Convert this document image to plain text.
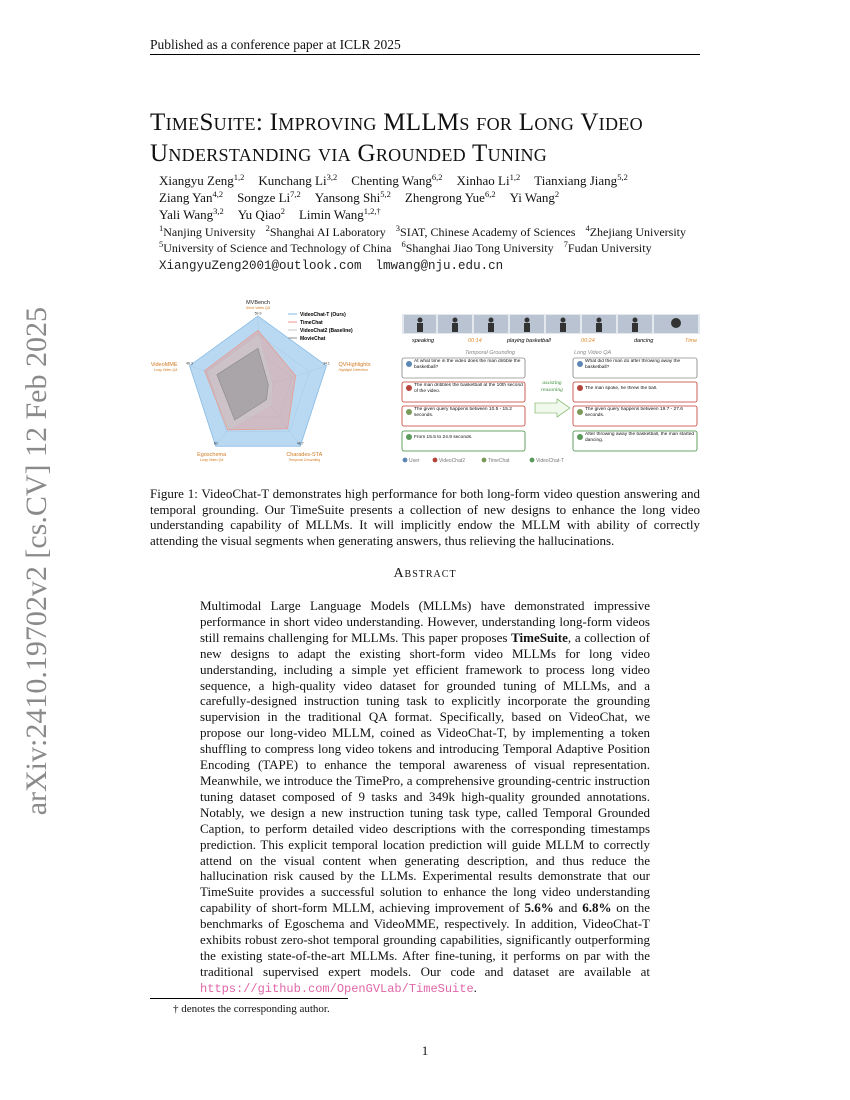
Published as a conference paper at ICLR 2025
arXiv:2410.19702v2 [cs.CV] 12 Feb 2025
TimeSuite: Improving MLLMs for Long Video
Understanding via Grounded Tuning
Xiangyu Zeng$^{1,2}$ Kunchang Li$^{3,2}$ Chenting Wang$^{6,2}$ Xinhao Li$^{1,2}$ Tianxiang Jiang$^{5,2}$
Ziang Yan$^{4,2}$ Songze Li$^{7,2}$ Yansong Shi$^{5,2}$ Zhengrong Yue$^{6,2}$ Yi Wang$^2$
Yali Wang$^{3,2}$ Yu Qiao$^2$ Limin Wang$^{1,2,\dagger}$
$^1$Nanjing University $^2$Shanghai AI Laboratory $^3$SIAT, Chinese Academy of Sciences $^4$Zhejiang University
$^5$University of Science and Technology of China $^6$Shanghai Jiao Tong University $^7$Fudan University
XiangyuZeng2001@outlook.com lmwang@nju.edu.cn
MVBench
Short Video QA
59.9
QVHighlights
Highlight Detection
34.1
Charades-STA
Temporal Grounding
48.7
Egoschema
Long Video QA
60
VideoMME
Long Video QA
46.3
VideoChat-T (Ours)
TimeChat
VideoChat2 (Baseline)
MovieChat	speaking	00:14	playing basketball	00:24	dancing	Time
Temporal Grounding	Long Video QA
At what time in the video does the man dribble the basketball?
The man dribbles the basketball at the 10th second of the video.
The given query happens between 10.5 - 15.2 seconds.
From 15.5 to 24.9 seconds.
assisting reasoning
What did the man do after throwing away the basketball?
The man spoke, he threw the ball.
The given query happens between 19.7 - 27.6 seconds.
After throwing away the basketball, the man started dancing.
User	VideoChat2	TimeChat	VideoChat-T
Figure 1: VideoChat-T demonstrates high performance for both long-form video question answering and temporal grounding. Our TimeSuite presents a collection of new designs to enhance the long video understanding capability of MLLMs. It will implicitly endow the MLLM with ability of correctly attending the visual segments when generating answers, thus relieving the hallucinations.
Abstract
Multimodal Large Language Models (MLLMs) have demonstrated impressive performance in short video understanding. However, understanding long-form videos still remains challenging for MLLMs. This paper proposes TimeSuite, a collection of new designs to adapt the existing short-form video MLLMs for long video understanding, including a simple yet efficient framework to process long video sequence, a high-quality video dataset for grounded tuning of MLLMs, and a carefully-designed instruction tuning task to explicitly incorporate the grounding supervision in the traditional QA format. Specifically, based on VideoChat, we propose our long-video MLLM, coined as VideoChat-T, by implementing a token shuffling to compress long video tokens and introducing Temporal Adaptive Position Encoding (TAPE) to enhance the temporal awareness of visual representation. Meanwhile, we introduce the TimePro, a comprehensive grounding-centric instruction tuning dataset composed of 9 tasks and 349k high-quality grounded annotations. Notably, we design a new instruction tuning task type, called Temporal Grounded Caption, to perform detailed video descriptions with the corresponding timestamps prediction. This explicit temporal location prediction will guide MLLM to correctly attend on the visual content when generating description, and thus reduce the hallucination risk caused by the LLMs. Experimental results demonstrate that our TimeSuite provides a successful solution to enhance the long video understanding capability of short-form MLLM, achieving improvement of 5.6% and 6.8% on the benchmarks of Egoschema and VideoMME, respectively. In addition, VideoChat-T exhibits robust zero-shot temporal grounding capabilities, significantly outperforming the existing state-of-the-art MLLMs. After fine-tuning, it performs on par with the traditional supervised expert models. Our code and dataset are available at https://github.com/OpenGVLab/TimeSuite.
† denotes the corresponding author.
1
